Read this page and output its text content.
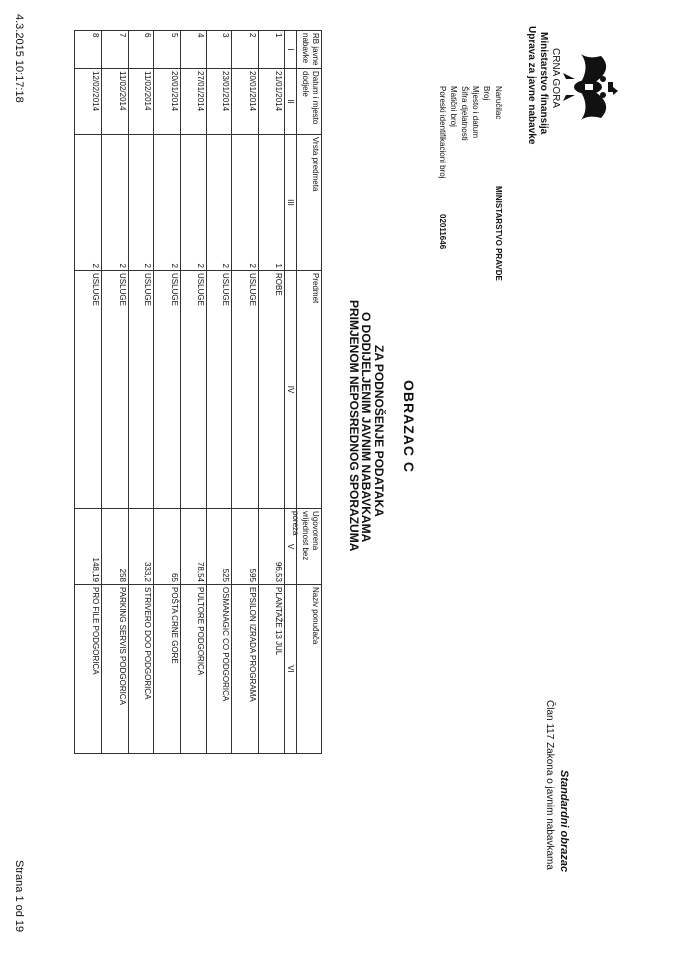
CRNA GORA
Ministarstvo finansija
Uprava za javne nabavke
Standardni obrazac
Član 117 Zakona o javnim nabavkama
OBRAZAC C
ZA PODNOŠENJE PODATAKA
O DODIJELJENIM JAVNIM NABAVKAMA
PRIMJENOM NEPOSREDNOG SPORAZUMA
Naručilac
Broj
Mjesto i datum
Šifra djelatnosti
Matični broj
Poreski identifikacioni broj
MINISTARSTVO PRAVDE
02011646
RB javne nabavke
Datum i mjesto dodjele
Vrsta predmeta
Predmet
Ugovorena vrijednost bez poreza
Naziv ponuđača
I
II
III
IV
V
VI
1
21/01/2014
1
ROBE
96,53
PLANTAŽE 13 JUL
2
20/01/2014
2
USLUGE
595
EPSILON IZRADA PROGRAMA
3
23/01/2014
2
USLUGE
525
OSMANAGIC CO PODGORICA
4
27/01/2014
2
USLUGE
78,54
PULTORE PODGORICA
5
20/01/2014
2
USLUGE
65
POŠTA CRNE GORE
6
11/02/2014
2
USLUGE
333,2
STRIVERO DOO PODGORICA
7
11/02/2014
2
USLUGE
258
PARKING SERVIS PODGORICA
8
12/02/2014
2
USLUGE
148,19
PRO FILE PODGORICA
4.3.2015 10:17:18
Strana 1 od 19
